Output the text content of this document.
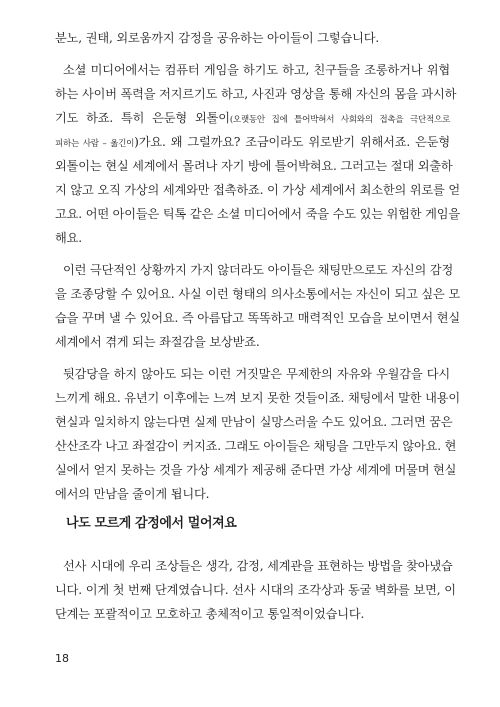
분노, 권태, 외로움까지 감정을 공유하는 아이들이 그렇습니다.
소셜 미디어에서는 컴퓨터 게임을 하기도 하고, 친구들을 조롱하거나 위협
하는 사이버 폭력을 저지르기도 하고, 사진과 영상을 통해 자신의 몸을 과시하
기도 하죠. 특히 은둔형 외톨이(오랫동안 집에 틀어박혀서 사회와의 접촉을 극단적으로
피하는 사람 – 옮긴이)가요. 왜 그럴까요? 조금이라도 위로받기 위해서죠. 은둔형
외톨이는 현실 세계에서 몰려나 자기 방에 틀어박혀요. 그러고는 절대 외출하
지 않고 오직 가상의 세계와만 접촉하죠. 이 가상 세계에서 최소한의 위로를 얻
고요. 어떤 아이들은 틱톡 같은 소셜 미디어에서 죽을 수도 있는 위험한 게임을
해요.
이런 극단적인 상황까지 가지 않더라도 아이들은 채팅만으로도 자신의 감정
을 조종당할 수 있어요. 사실 이런 형태의 의사소통에서는 자신이 되고 싶은 모
습을 꾸며 낼 수 있어요. 즉 아름답고 똑똑하고 매력적인 모습을 보이면서 현실
세계에서 겪게 되는 좌절감을 보상받죠.
뒷감당을 하지 않아도 되는 이런 거짓말은 무제한의 자유와 우월감을 다시
느끼게 해요. 유년기 이후에는 느껴 보지 못한 것들이죠. 채팅에서 말한 내용이
현실과 일치하지 않는다면 실제 만남이 실망스러울 수도 있어요. 그러면 꿈은
산산조각 나고 좌절감이 커지죠. 그래도 아이들은 채팅을 그만두지 않아요. 현
실에서 얻지 못하는 것을 가상 세계가 제공해 준다면 가상 세계에 머물며 현실
에서의 만남을 줄이게 됩니다.
나도 모르게 감정에서 멀어져요
선사 시대에 우리 조상들은 생각, 감정, 세계관을 표현하는 방법을 찾아냈습
니다. 이게 첫 번째 단계였습니다. 선사 시대의 조각상과 동굴 벽화를 보면, 이
단계는 포괄적이고 모호하고 총체적이고 통일적이었습니다.
18
